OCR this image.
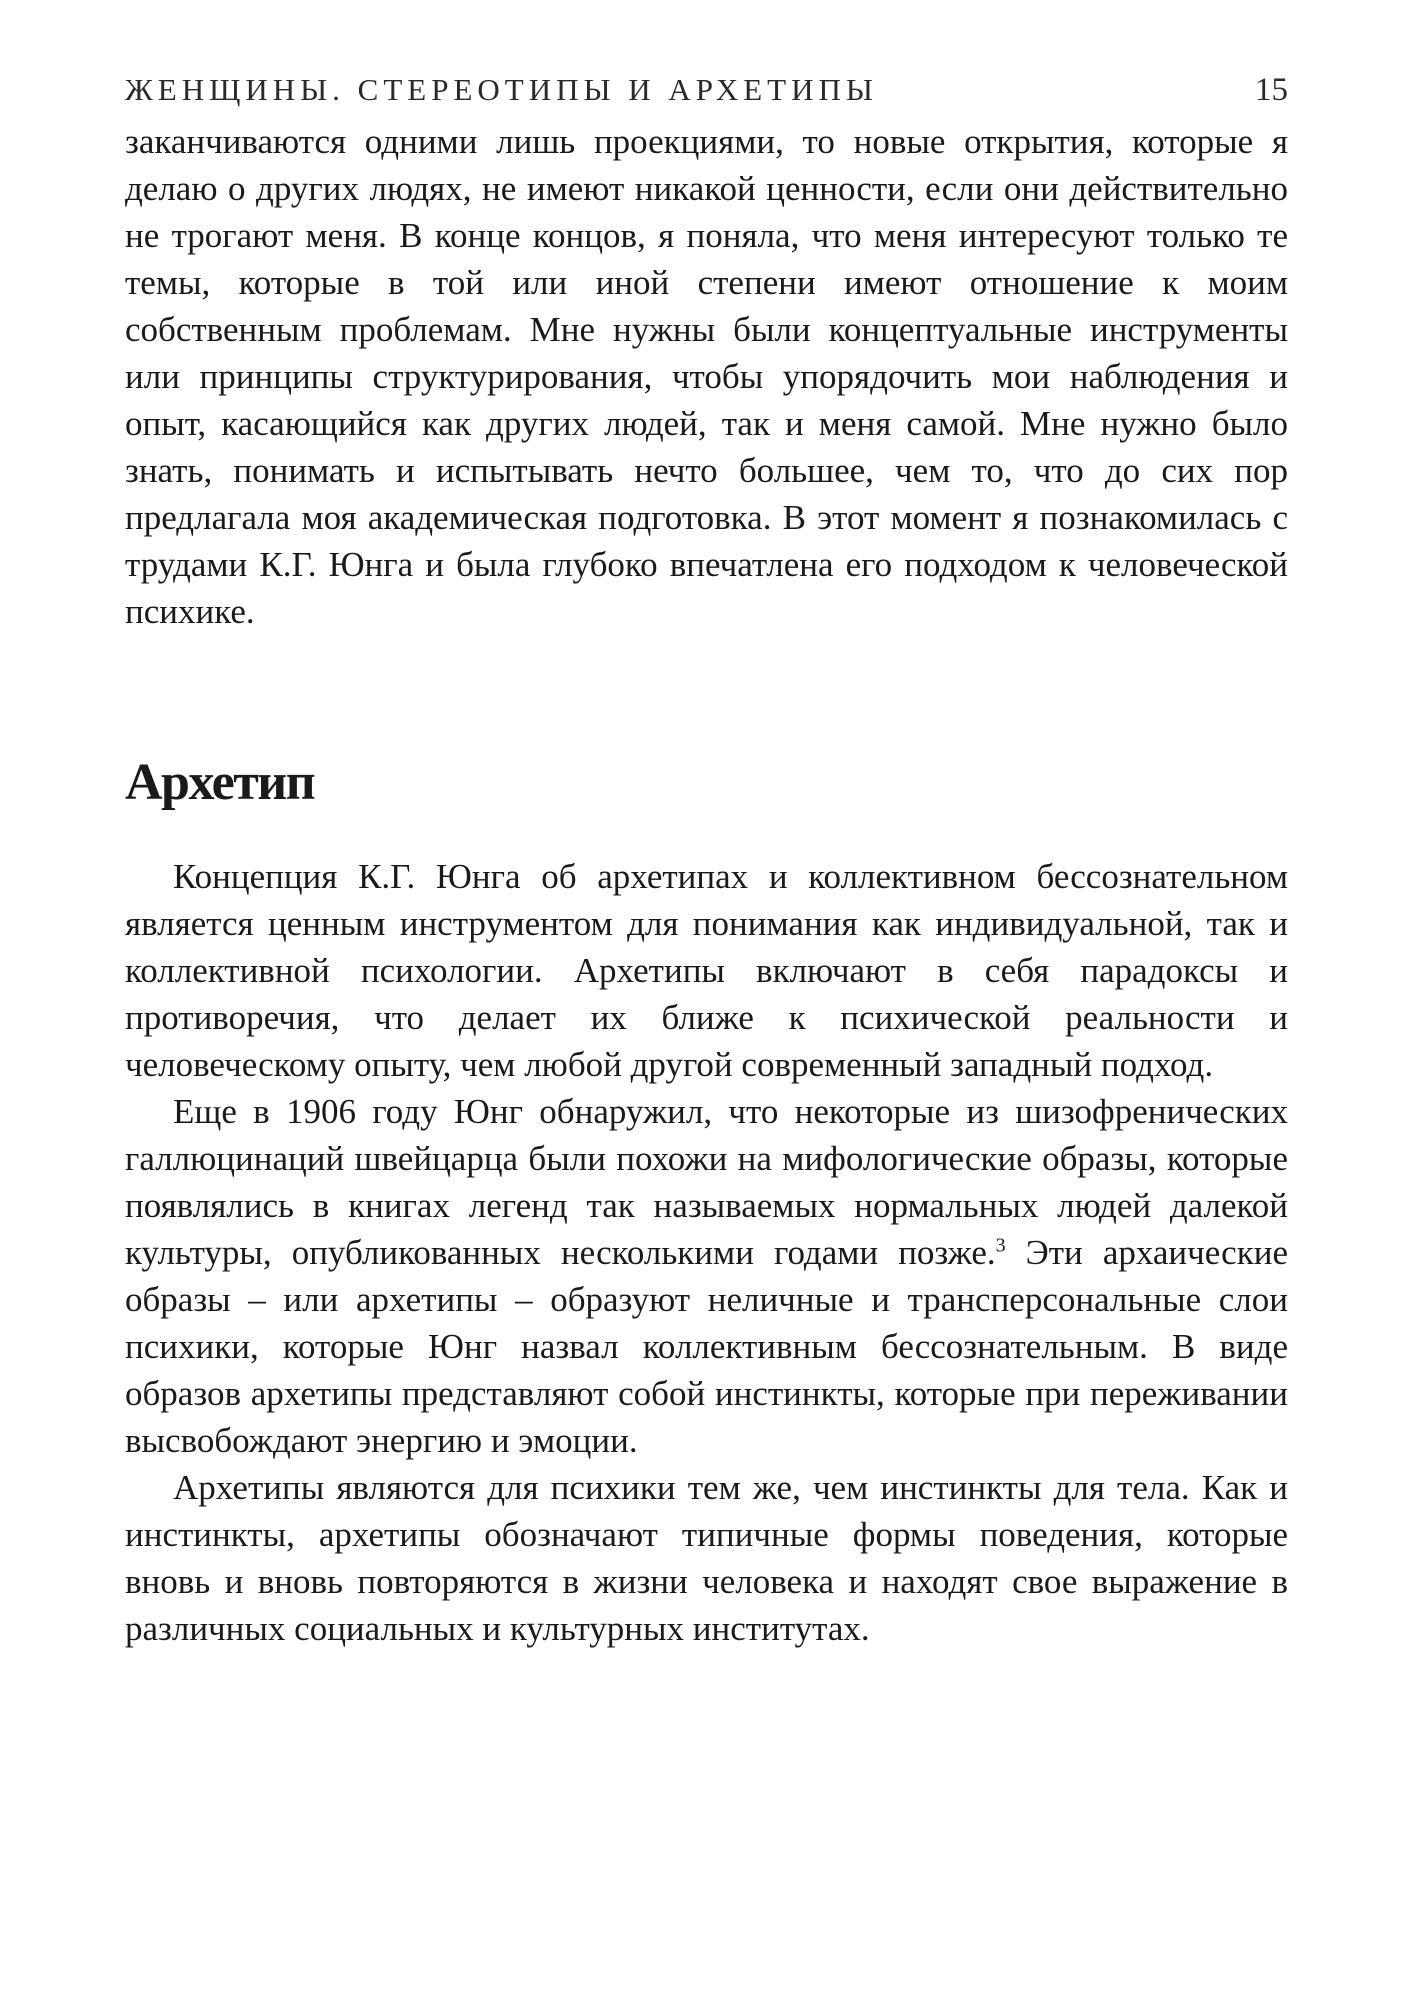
ЖЕНЩИНЫ. СТЕРЕОТИПЫ И АРХЕТИПЫ	15

заканчиваются одними лишь проекциями, то новые открытия, которые я делаю о других людях, не имеют никакой ценности, если они действительно не трогают меня. В конце концов, я поняла, что меня интересуют только те темы, которые в той или иной степени имеют отношение к моим собственным проблемам. Мне нужны были концептуальные инструменты или принципы структурирования, чтобы упорядочить мои наблюдения и опыт, касающийся как других людей, так и меня самой. Мне нужно было знать, понимать и испытывать нечто большее, чем то, что до сих пор предлагала моя академическая подготовка. В этот момент я познакомилась с трудами К.Г. Юнга и была глубоко впечатлена его подходом к человеческой психике.

Архетип

Концепция К.Г. Юнга об архетипах и коллективном бессознательном является ценным инструментом для понимания как индивидуальной, так и коллективной психологии. Архетипы включают в себя парадоксы и противоречия, что делает их ближе к психической реальности и человеческому опыту, чем любой другой современный западный подход.

Еще в 1906 году Юнг обнаружил, что некоторые из шизофренических галлюцинаций швейцарца были похожи на мифологические образы, которые появлялись в книгах легенд так называемых нормальных людей далекой культуры, опубликованных несколькими годами позже.$^3$ Эти архаические образы – или архетипы – образуют неличные и трансперсональные слои психики, которые Юнг назвал коллективным бессознательным. В виде образов архетипы представляют собой инстинкты, которые при переживании высвобождают энергию и эмоции.

Архетипы являются для психики тем же, чем инстинкты для тела. Как и инстинкты, архетипы обозначают типичные формы поведения, которые вновь и вновь повторяются в жизни человека и находят свое выражение в различных социальных и культурных институтах.
